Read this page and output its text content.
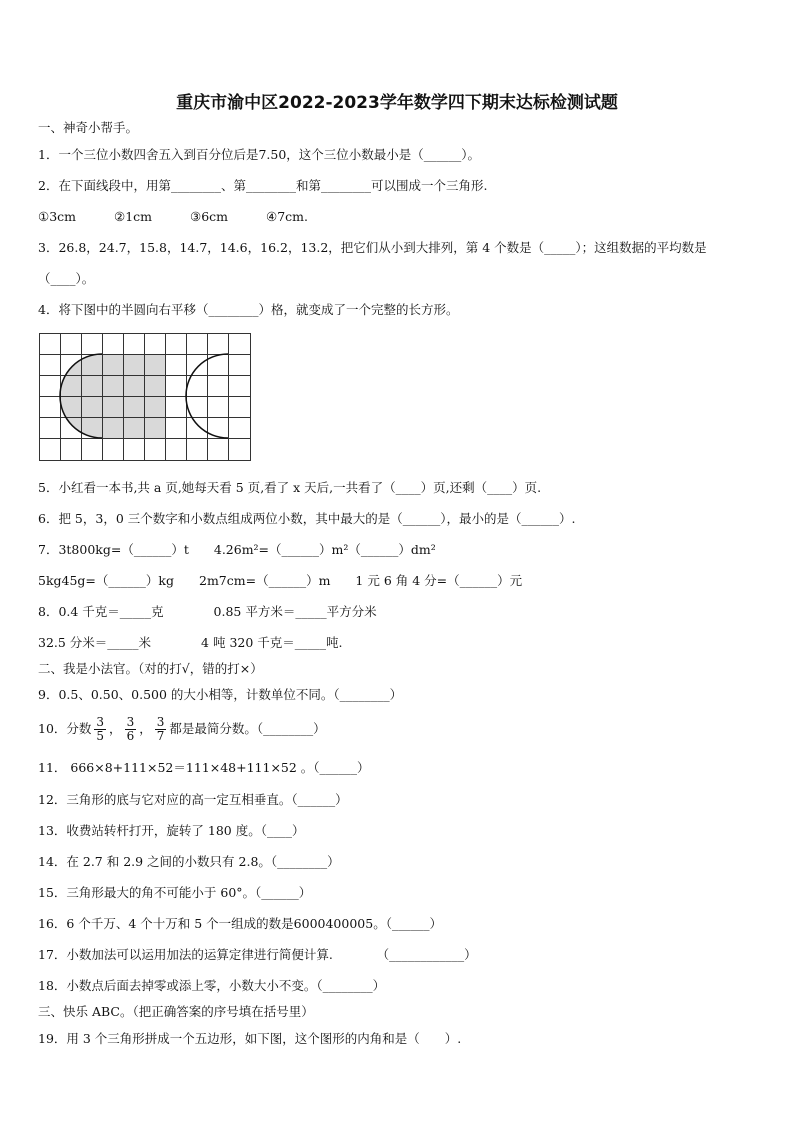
重庆市渝中区2022-2023学年数学四下期末达标检测试题
一、神奇小帮手。
1．一个三位小数四舍五入到百分位后是7.50，这个三位小数最小是（______）。
2．在下面线段中，用第________、第________和第________可以围成一个三角形.
①3cm	②1cm	③6cm	④7cm.
3．26.8，24.7，15.8，14.7，14.6，16.2，13.2，把它们从小到大排列，第 4 个数是（_____）；这组数据的平均数是
（____）。
4．将下图中的半圆向右平移（________）格，就变成了一个完整的长方形。
5．小红看一本书,共 a 页,她每天看 5 页,看了 x 天后,一共看了（____）页,还剩（____）页.
6．把 5，3，0 三个数字和小数点组成两位小数，其中最大的是（______），最小的是（______）.
7．3t800kg=（______）t　　4.26m²=（______）m²（______）dm²
5kg45g=（______）kg　　2m7cm=（______）m　　1 元 6 角 4 分=（______）元
8．0.4 千克＝_____克　　　　0.85 平方米＝_____平方分米
32.5 分米＝_____米　　　　4 吨 320 千克＝_____吨.
二、我是小法官。（对的打√，错的打×）
9．0.5、0.50、0.500 的大小相等，计数单位不同。（________）
10．分数 $\frac{3}{5}$ ， $\frac{3}{6}$ ， $\frac{3}{7}$ 都是最简分数。（________）
11． 666×8+111×52＝111×48+111×52 。（______）
12．三角形的底与它对应的高一定互相垂直。（______）
13．收费站转杆打开，旋转了 180 度。（____）
14．在 2.7 和 2.9 之间的小数只有 2.8。（________）
15．三角形最大的角不可能小于 60°。（______）
16．6 个千万、4 个十万和 5 个一组成的数是6000400005。（______）
17．小数加法可以运用加法的运算定律进行简便计算.　　　　（____________）
18．小数点后面去掉零或添上零，小数大小不变。（________）
三、快乐 ABC。（把正确答案的序号填在括号里）
19．用 3 个三角形拼成一个五边形，如下图，这个图形的内角和是（　　）.
